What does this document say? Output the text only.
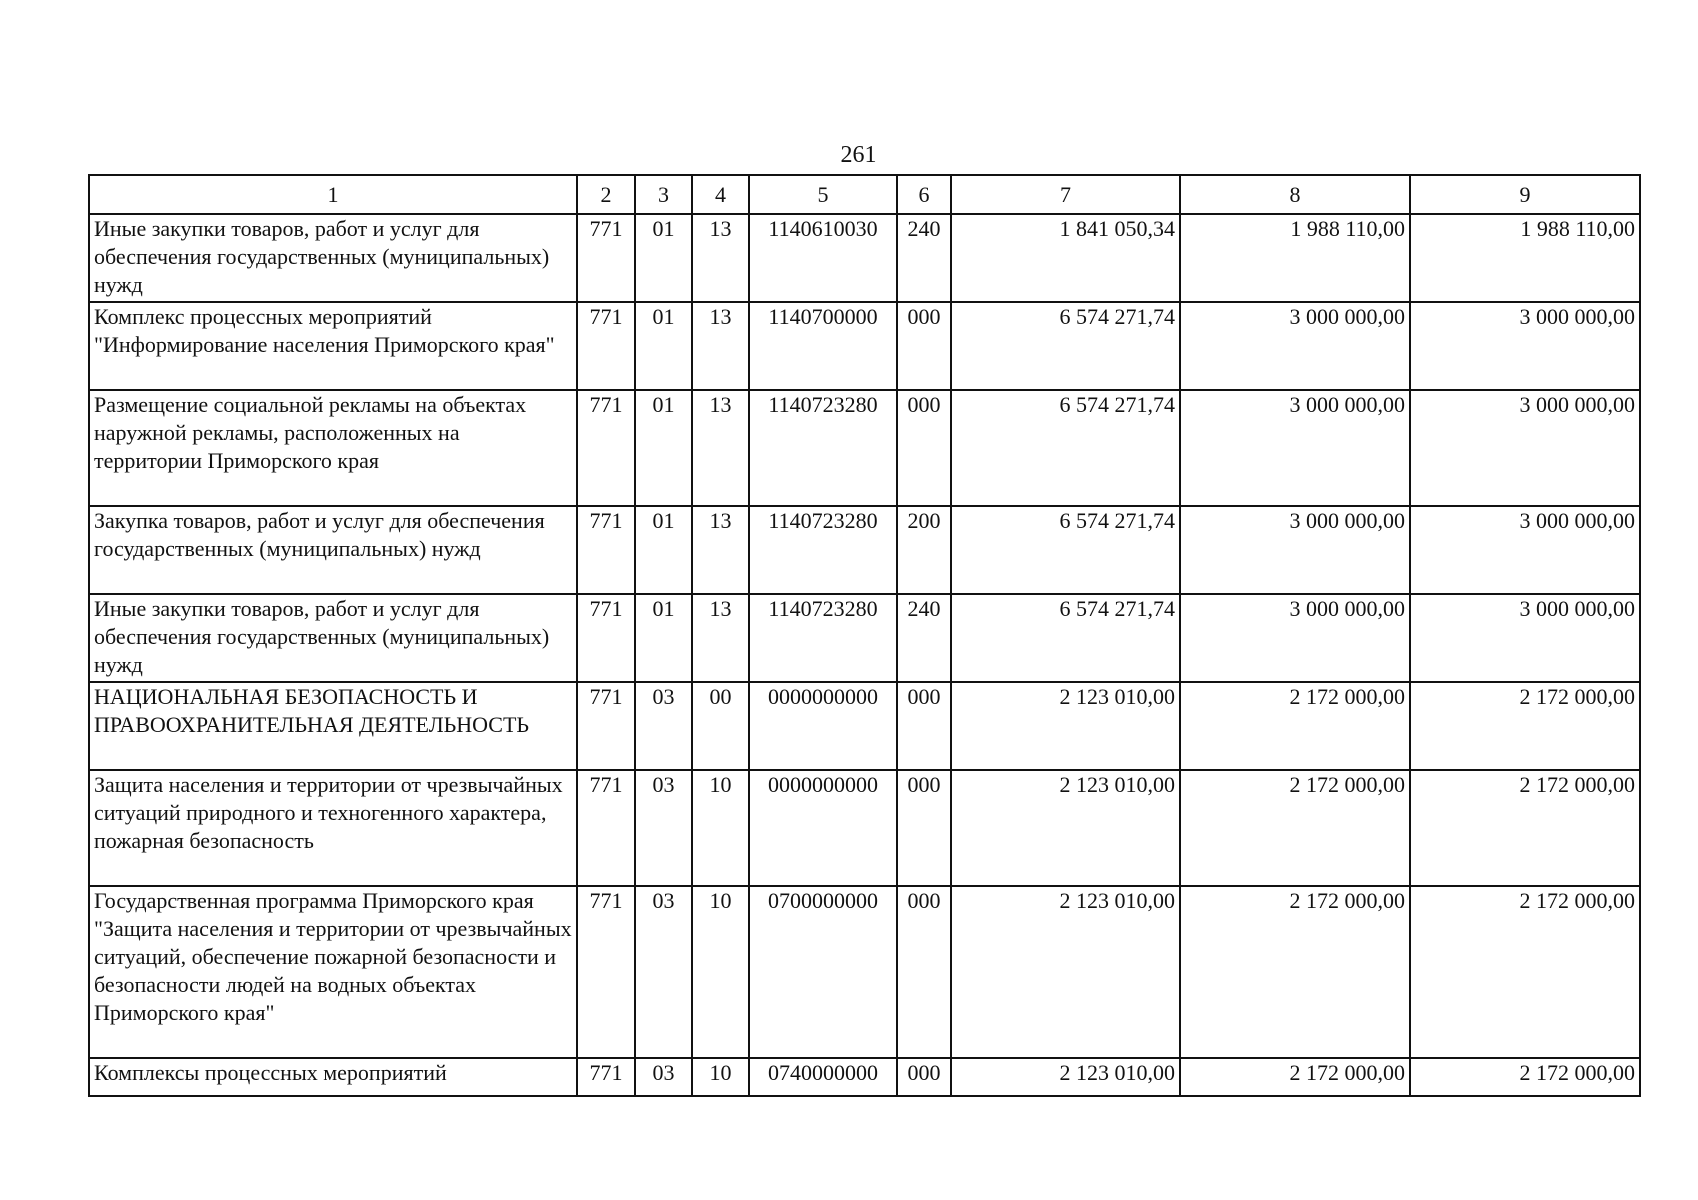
261
1	2	3	4	5	6	7	8	9
Иные закупки товаров, работ и услуг для обеспечения государственных (муниципальных) нужд	771	01	13	1140610030	240	1 841 050,34	1 988 110,00	1 988 110,00
Комплекс процессных мероприятий "Информирование населения Приморского края"	771	01	13	1140700000	000	6 574 271,74	3 000 000,00	3 000 000,00
Размещение социальной рекламы на объектах наружной рекламы, расположенных на территории Приморского края	771	01	13	1140723280	000	6 574 271,74	3 000 000,00	3 000 000,00
Закупка товаров, работ и услуг для обеспечения государственных (муниципальных) нужд	771	01	13	1140723280	200	6 574 271,74	3 000 000,00	3 000 000,00
Иные закупки товаров, работ и услуг для обеспечения государственных (муниципальных) нужд	771	01	13	1140723280	240	6 574 271,74	3 000 000,00	3 000 000,00
НАЦИОНАЛЬНАЯ БЕЗОПАСНОСТЬ И ПРАВООХРАНИТЕЛЬНАЯ ДЕЯТЕЛЬНОСТЬ	771	03	00	0000000000	000	2 123 010,00	2 172 000,00	2 172 000,00
Защита населения и территории от чрезвычайных ситуаций природного и техногенного характера, пожарная безопасность	771	03	10	0000000000	000	2 123 010,00	2 172 000,00	2 172 000,00
Государственная программа Приморского края "Защита населения и территории от чрезвычайных ситуаций, обеспечение пожарной безопасности и безопасности людей на водных объектах Приморского края"	771	03	10	0700000000	000	2 123 010,00	2 172 000,00	2 172 000,00
Комплексы процессных мероприятий	771	03	10	0740000000	000	2 123 010,00	2 172 000,00	2 172 000,00
